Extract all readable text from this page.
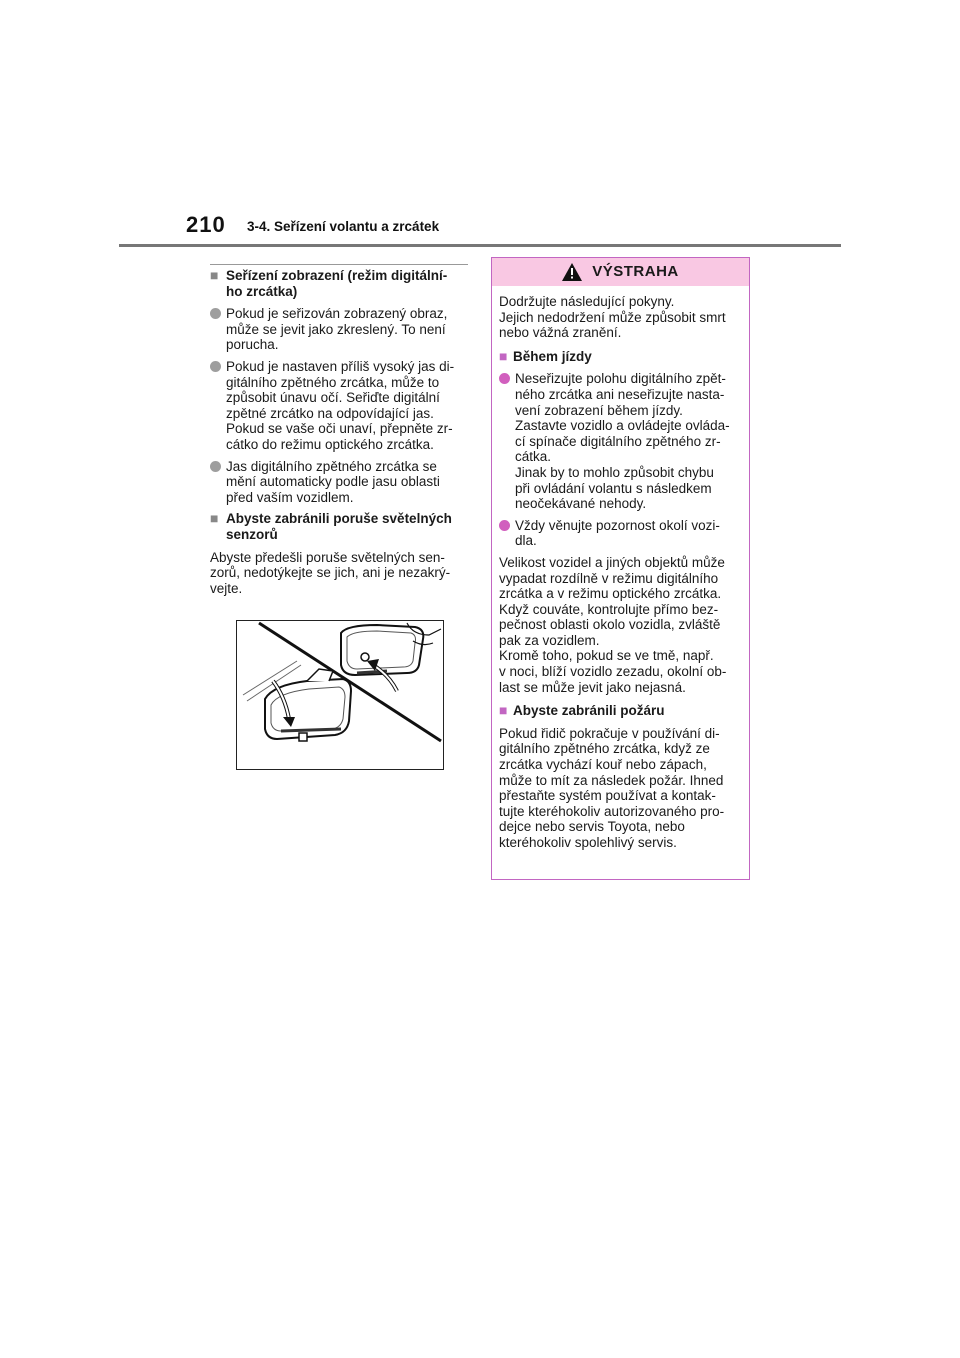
210 3-4. Seřízení volantu a zrcátek
■ Seřízení zobrazení (režim digitální-
ho zrcátka)
Pokud je seřizován zobrazený obraz,
může se jevit jako zkreslený. To není
porucha.
Pokud je nastaven příliš vysoký jas di-
gitálního zpětného zrcátka, může to
způsobit únavu očí. Seřiďte digitální
zpětné zrcátko na odpovídající jas.
Pokud se vaše oči unaví, přepněte zr-
cátko do režimu optického zrcátka.
Jas digitálního zpětného zrcátka se
mění automaticky podle jasu oblasti
před vaším vozidlem.
■ Abyste zabránili poruše světelných
senzorů
Abyste předešli poruše světelných sen-
zorů, nedotýkejte se jich, ani je nezakrý-
vejte.
VÝSTRAHA
Dodržujte následující pokyny.
Jejich nedodržení může způsobit smrt
nebo vážná zranění.
■ Během jízdy
Neseřizujte polohu digitálního zpět-
ného zrcátka ani neseřizujte nasta-
vení zobrazení během jízdy.
Zastavte vozidlo a ovládejte ovláda-
cí spínače digitálního zpětného zr-
cátka.
Jinak by to mohlo způsobit chybu
při ovládání volantu s následkem
neočekávané nehody.
Vždy věnujte pozornost okolí vozi-
dla.
Velikost vozidel a jiných objektů může
vypadat rozdílně v režimu digitálního
zrcátka a v režimu optického zrcátka.
Když couváte, kontrolujte přímo bez-
pečnost oblasti okolo vozidla, zvláště
pak za vozidlem.
Kromě toho, pokud se ve tmě, např.
v noci, blíží vozidlo zezadu, okolní ob-
last se může jevit jako nejasná.
■ Abyste zabránili požáru
Pokud řidič pokračuje v používání di-
gitálního zpětného zrcátka, když ze
zrcátka vychází kouř nebo zápach,
může to mít za následek požár. Ihned
přestaňte systém používat a kontak-
tujte kteréhokoliv autorizovaného pro-
dejce nebo servis Toyota, nebo
kteréhokoliv spolehlivý servis.
